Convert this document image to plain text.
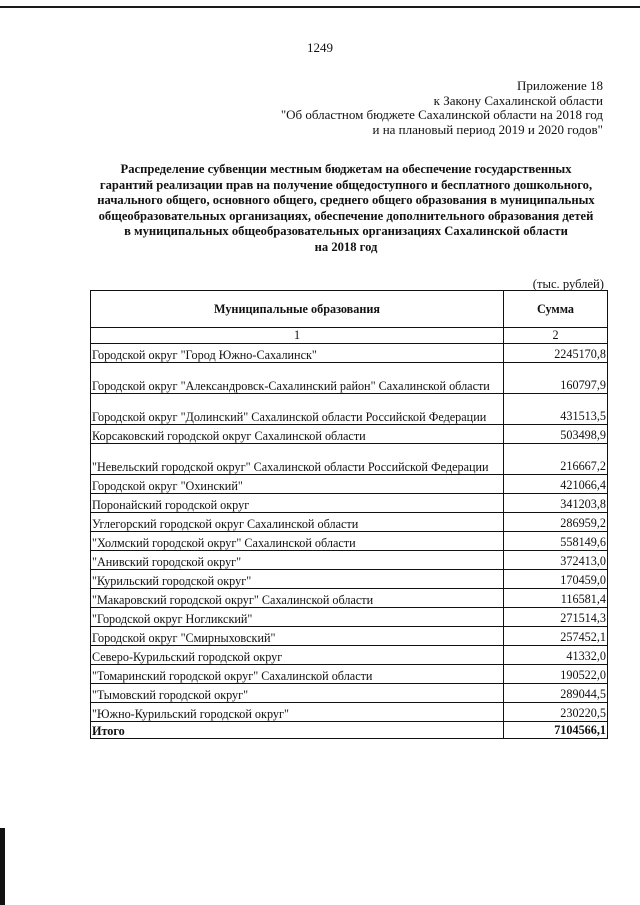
1249
Приложение 18
к Закону Сахалинской области
"Об областном бюджете Сахалинской области на 2018 год
и на плановый период 2019 и 2020 годов"
Распределение субвенции местным бюджетам на обеспечение государственных
гарантий реализации прав на получение общедоступного и бесплатного дошкольного,
начального общего, основного общего, среднего общего образования в муниципальных
общеобразовательных организациях, обеспечение дополнительного образования детей
в муниципальных общеобразовательных организациях Сахалинской области
на 2018 год
(тыс. рублей)
Муниципальные образования	Сумма
1	2
Городской округ "Город Южно-Сахалинск"	2245170,8
Городской округ "Александровск-Сахалинский район" Сахалинской области	160797,9
Городской округ "Долинский" Сахалинской области Российской Федерации	431513,5
Корсаковский городской округ Сахалинской области	503498,9
"Невельский городской округ" Сахалинской области Российской Федерации	216667,2
Городской округ "Охинский"	421066,4
Поронайский городской округ	341203,8
Углегорский городской округ Сахалинской области	286959,2
"Холмский городской округ" Сахалинской области	558149,6
"Анивский городской округ"	372413,0
"Курильский городской округ"	170459,0
"Макаровский городской округ" Сахалинской области	116581,4
"Городской округ Ногликский"	271514,3
Городской округ "Смирныховский"	257452,1
Северо-Курильский городской округ	41332,0
"Томаринский городской округ" Сахалинской области	190522,0
"Тымовский городской округ"	289044,5
"Южно-Курильский городской округ"	230220,5
Итого	7104566,1
